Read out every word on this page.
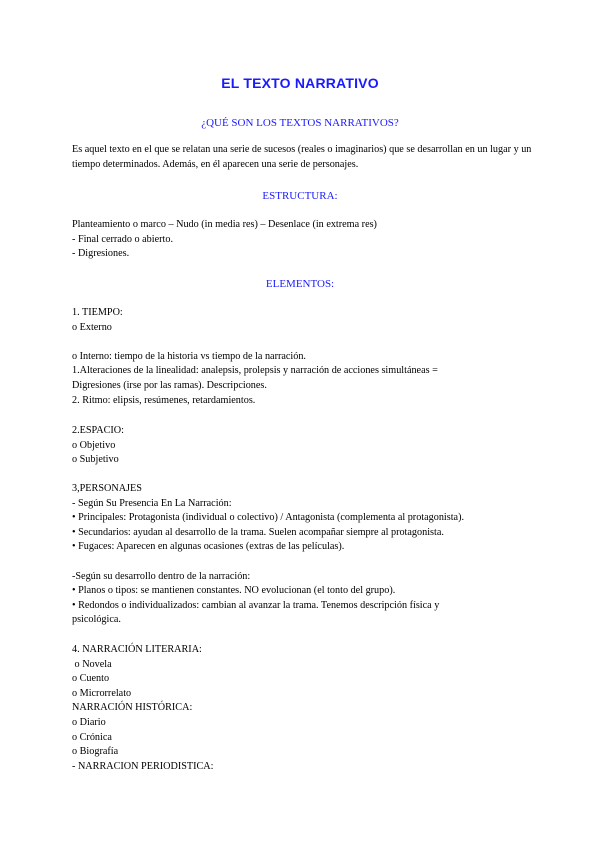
EL TEXTO NARRATIVO
¿QUÉ SON LOS TEXTOS NARRATIVOS?
Es aquel texto en el que se relatan una serie de sucesos (reales o imaginarios) que se desarrollan en un lugar y un tiempo determinados. Además, en él aparecen una serie de personajes.
ESTRUCTURA:
Planteamiento o marco – Nudo (in media res) – Desenlace (in extrema res)
- Final cerrado o abierto.
- Digresiones.
ELEMENTOS:
1. TIEMPO:
o Externo

o Interno: tiempo de la historia vs tiempo de la narración.
1.Alteraciones de la linealidad: analepsis, prolepsis y narración de acciones simultáneas =
Digresiones (irse por las ramas). Descripciones.
2. Ritmo: elipsis, resúmenes, retardamientos.
2.ESPACIO:
o Objetivo
o Subjetivo
3,PERSONAJES
- Según Su Presencia En La Narración:
• Principales: Protagonista (individual o colectivo) / Antagonista (complementa al protagonista).
• Secundarios: ayudan al desarrollo de la trama. Suelen acompañar siempre al protagonista.
• Fugaces: Aparecen en algunas ocasiones (extras de las películas).

-Según su desarrollo dentro de la narración:
• Planos o tipos: se mantienen constantes. NO evolucionan (el tonto del grupo).
• Redondos o individualizados: cambian al avanzar la trama. Tenemos descripción física y
psicológica.
4. NARRACIÓN LITERARIA:
o Novela
o Cuento
o Microrrelato
NARRACIÓN HISTÓRICA:
o Diario
o Crónica
o Biografía
- NARRACION PERIODISTICA:
